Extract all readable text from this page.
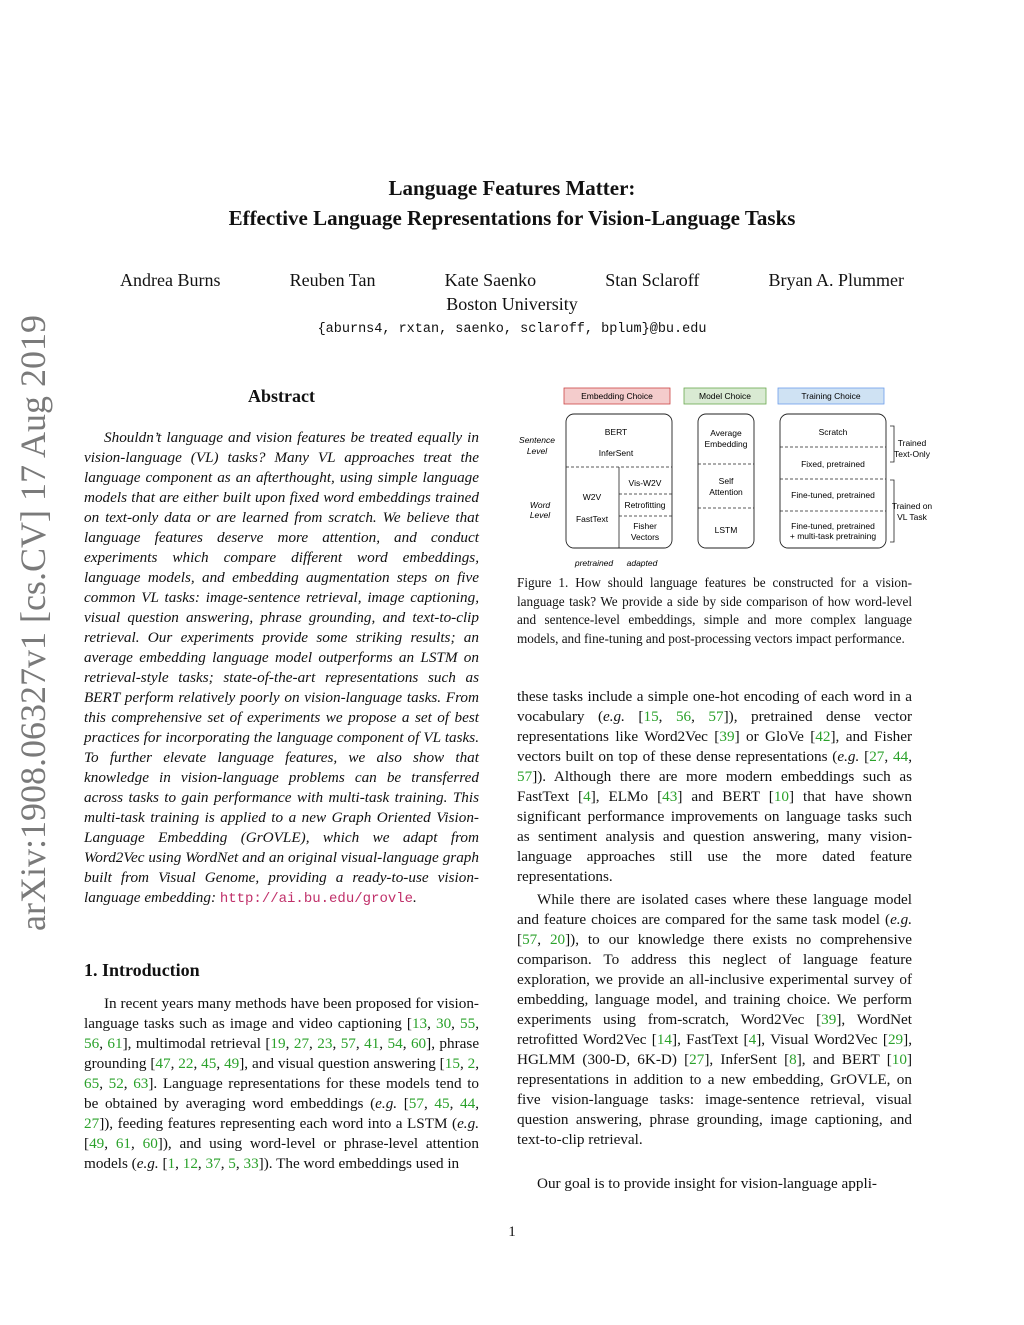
Language Features Matter:
Effective Language Representations for Vision-Language Tasks
Andrea Burns	Reuben Tan	Kate Saenko	Stan Sclaroff	Bryan A. Plummer
Boston University
{aburns4, rxtan, saenko, sclaroff, bplum}@bu.edu
arXiv:1908.06327v1 [cs.CV] 17 Aug 2019	Abstract
Shouldn’t language and vision features be treated equally in vision-language (VL) tasks? Many VL approaches treat the language component as an afterthought, using simple language models that are either built upon fixed word embeddings trained on text-only data or are learned from scratch. We believe that language features deserve more attention, and conduct experiments which compare different word embeddings, language models, and embedding augmentation steps on five common VL tasks: image-sentence retrieval, image captioning, visual question answering, phrase grounding, and text-to-clip retrieval. Our experiments provide some striking results; an average embedding language model outperforms an LSTM on retrieval-style tasks; state-of-the-art representations such as BERT perform relatively poorly on vision-language tasks. From this comprehensive set of experiments we propose a set of best practices for incorporating the language component of VL tasks. To further elevate language features, we also show that knowledge in vision-language problems can be transferred across tasks to gain performance with multi-task training. This multi-task training is applied to a new Graph Oriented Vision-Language Embedding (GrOVLE), which we adapt from Word2Vec using WordNet and an original visual-language graph built from Visual Genome, providing a ready-to-use vision-language embedding: http://ai.bu.edu/grovle.
1. Introduction
In recent years many methods have been proposed for vision-language tasks such as image and video captioning [13, 30, 55, 56, 61], multimodal retrieval [19, 27, 23, 57, 41, 54, 60], phrase grounding [47, 22, 45, 49], and visual question answering [15, 2, 65, 52, 63]. Language representations for these models tend to be obtained by averaging word embeddings (e.g. [57, 45, 44, 27]), feeding features representing each word into a LSTM (e.g. [49, 61, 60]), and using word-level or phrase-level attention models (e.g. [1, 12, 37, 5, 33]). The word embeddings used in
Embedding Choice	Model Choice	Training Choice
Sentence
Level
Word
Level
BERT
InferSent
W2V
FastText
Vis-W2V
Retrofitting
Fisher
Vectors
pretrained adapted
Average
Embedding
Self
Attention
LSTM
Scratch
Fixed, pretrained
Fine-tuned, pretrained
Fine-tuned, pretrained
+ multi-task pretraining
Trained
Text-Only
Trained on
VL Task
Figure 1. How should language features be constructed for a vision-language task? We provide a side by side comparison of how word-level and sentence-level embeddings, simple and more complex language models, and fine-tuning and post-processing vectors impact performance.
these tasks include a simple one-hot encoding of each word in a vocabulary (e.g. [15, 56, 57]), pretrained dense vector representations like Word2Vec [39] or GloVe [42], and Fisher vectors built on top of these dense representations (e.g. [27, 44, 57]). Although there are more modern embeddings such as FastText [4], ELMo [43] and BERT [10] that have shown significant performance improvements on language tasks such as sentiment analysis and question answering, many vision-language approaches still use the more dated feature representations.
While there are isolated cases where these language model and feature choices are compared for the same task model (e.g. [57, 20]), to our knowledge there exists no comprehensive comparison. To address this neglect of language feature exploration, we provide an all-inclusive experimental survey of embedding, language model, and training choice. We perform experiments using from-scratch, Word2Vec [39], WordNet retrofitted Word2Vec [14], FastText [4], Visual Word2Vec [29], HGLMM (300-D, 6K-D) [27], InferSent [8], and BERT [10] representations in addition to a new embedding, GrOVLE, on five vision-language tasks: image-sentence retrieval, visual question answering, phrase grounding, image captioning, and text-to-clip retrieval.
Our goal is to provide insight for vision-language appli-
1
